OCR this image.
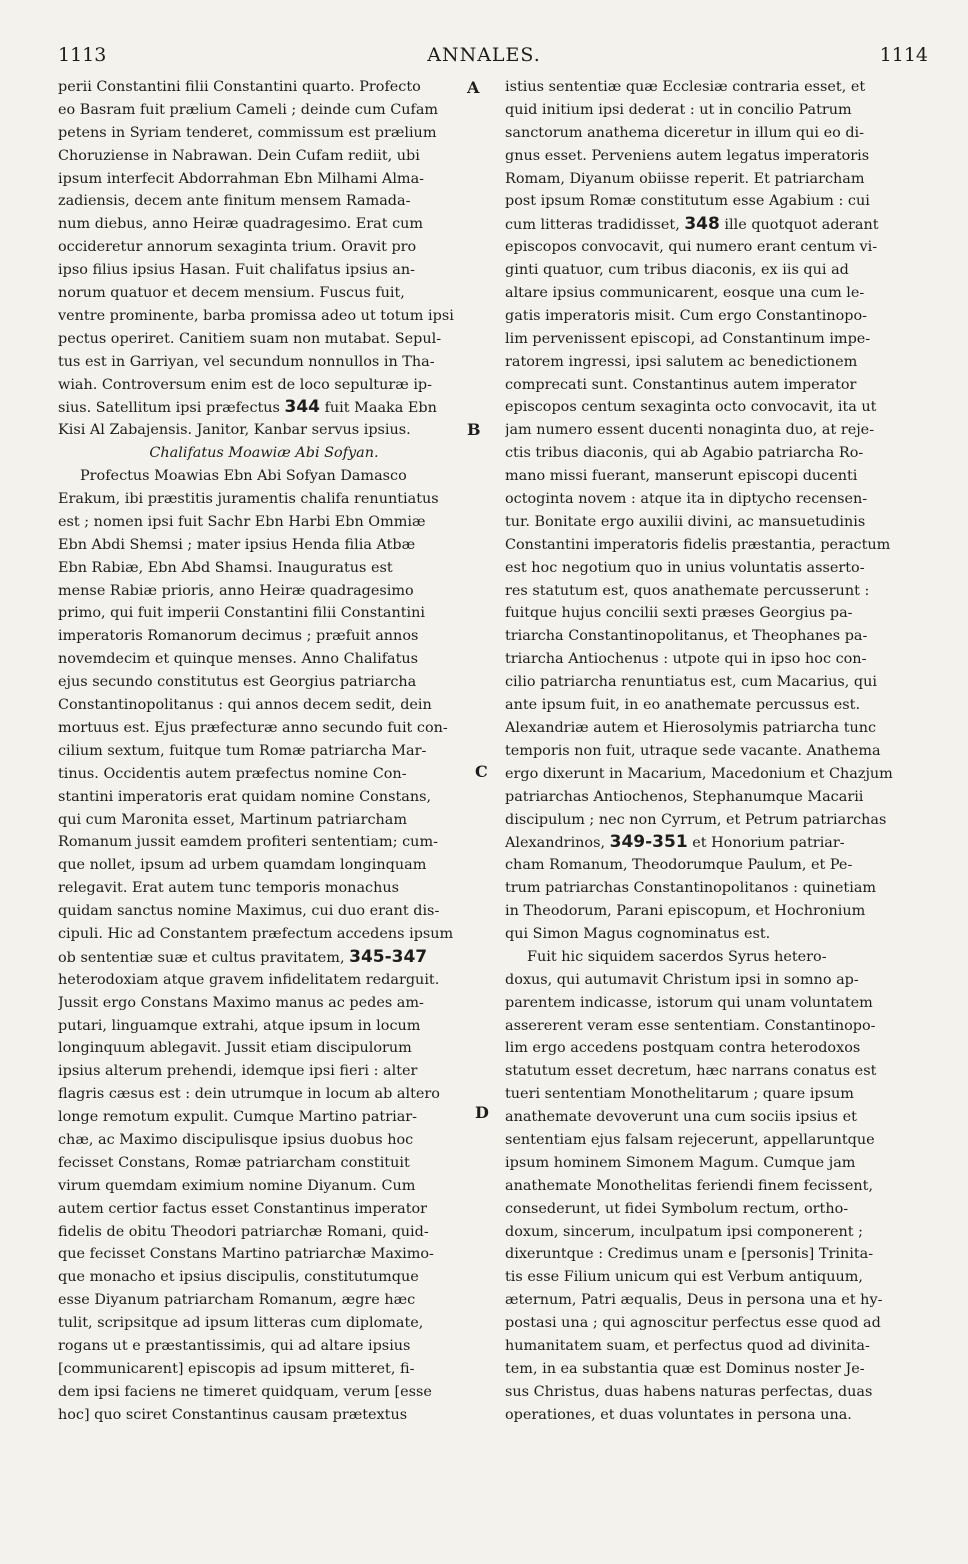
1113	ANNALES.	1114
perii Constantini filii Constantini quarto. Profecto
eo Basram fuit prælium Cameli ; deinde cum Cufam
petens in Syriam tenderet, commissum est prælium
Choruziense in Nabrawan. Dein Cufam rediit, ubi
ipsum interfecit Abdorrahman Ebn Milhami Alma-
zadiensis, decem ante finitum mensem Ramada-
num diebus, anno Heiræ quadragesimo. Erat cum
occideretur annorum sexaginta trium. Oravit pro
ipso filius ipsius Hasan. Fuit chalifatus ipsius an-
norum quatuor et decem mensium. Fuscus fuit,
ventre prominente, barba promissa adeo ut totum ipsi
pectus operiret. Canitiem suam non mutabat. Sepul-
tus est in Garriyan, vel secundum nonnullos in Tha-
wiah. Controversum enim est de loco sepulturæ ip-
sius. Satellitum ipsi præfectus 344 fuit Maaka Ebn
Kisi Al Zabajensis. Janitor, Kanbar servus ipsius.
Chalifatus Moawiæ Abi Sofyan.
Profectus Moawias Ebn Abi Sofyan Damasco
Erakum, ibi præstitis juramentis chalifa renuntiatus
est ; nomen ipsi fuit Sachr Ebn Harbi Ebn Ommiæ
Ebn Abdi Shemsi ; mater ipsius Henda filia Atbæ
Ebn Rabiæ, Ebn Abd Shamsi. Inauguratus est
mense Rabiæ prioris, anno Heiræ quadragesimo
primo, qui fuit imperii Constantini filii Constantini
imperatoris Romanorum decimus ; præfuit annos
novemdecim et quinque menses. Anno Chalifatus
ejus secundo constitutus est Georgius patriarcha
Constantinopolitanus : qui annos decem sedit, dein
mortuus est. Ejus præfecturæ anno secundo fuit con-
cilium sextum, fuitque tum Romæ patriarcha Mar-
tinus. Occidentis autem præfectus nomine Con-
stantini imperatoris erat quidam nomine Constans,
qui cum Maronita esset, Martinum patriarcham
Romanum jussit eamdem profiteri sententiam; cum-
que nollet, ipsum ad urbem quamdam longinquam
relegavit. Erat autem tunc temporis monachus
quidam sanctus nomine Maximus, cui duo erant dis-
cipuli. Hic ad Constantem præfectum accedens ipsum
ob sententiæ suæ et cultus pravitatem, 345-347
heterodoxiam atque gravem infidelitatem redarguit.
Jussit ergo Constans Maximo manus ac pedes am-
putari, linguamque extrahi, atque ipsum in locum
longinquum ablegavit. Jussit etiam discipulorum
ipsius alterum prehendi, idemque ipsi fieri : alter
flagris cæsus est : dein utrumque in locum ab altero
longe remotum expulit. Cumque Martino patriar-
chæ, ac Maximo discipulisque ipsius duobus hoc
fecisset Constans, Romæ patriarcham constituit
virum quemdam eximium nomine Diyanum. Cum
autem certior factus esset Constantinus imperator
fidelis de obitu Theodori patriarchæ Romani, quid-
que fecisset Constans Martino patriarchæ Maximo-
que monacho et ipsius discipulis, constitutumque
esse Diyanum patriarcham Romanum, ægre hæc
tulit, scripsitque ad ipsum litteras cum diplomate,
rogans ut e præstantissimis, qui ad altare ipsius
[communicarent] episcopis ad ipsum mitteret, fi-
dem ipsi faciens ne timeret quidquam, verum [esse
hoc] quo sciret Constantinus causam prætextus
istius sententiæ quæ Ecclesiæ contraria esset, et
quid initium ipsi dederat : ut in concilio Patrum
sanctorum anathema diceretur in illum qui eo di-
gnus esset. Perveniens autem legatus imperatoris
Romam, Diyanum obiisse reperit. Et patriarcham
post ipsum Romæ constitutum esse Agabium : cui
cum litteras tradidisset, 348 ille quotquot aderant
episcopos convocavit, qui numero erant centum vi-
ginti quatuor, cum tribus diaconis, ex iis qui ad
altare ipsius communicarent, eosque una cum le-
gatis imperatoris misit. Cum ergo Constantinopo-
lim pervenissent episcopi, ad Constantinum impe-
ratorem ingressi, ipsi salutem ac benedictionem
comprecati sunt. Constantinus autem imperator
episcopos centum sexaginta octo convocavit, ita ut
jam numero essent ducenti nonaginta duo, at reje-
ctis tribus diaconis, qui ab Agabio patriarcha Ro-
mano missi fuerant, manserunt episcopi ducenti
octoginta novem : atque ita in diptycho recensen-
tur. Bonitate ergo auxilii divini, ac mansuetudinis
Constantini imperatoris fidelis præstantia, peractum
est hoc negotium quo in unius voluntatis asserto-
res statutum est, quos anathemate percusserunt :
fuitque hujus concilii sexti præses Georgius pa-
triarcha Constantinopolitanus, et Theophanes pa-
triarcha Antiochenus : utpote qui in ipso hoc con-
cilio patriarcha renuntiatus est, cum Macarius, qui
ante ipsum fuit, in eo anathemate percussus est.
Alexandriæ autem et Hierosolymis patriarcha tunc
temporis non fuit, utraque sede vacante. Anathema
ergo dixerunt in Macarium, Macedonium et Chazjum
patriarchas Antiochenos, Stephanumque Macarii
discipulum ; nec non Cyrrum, et Petrum patriarchas
Alexandrinos, 349-351 et Honorium patriar-
cham Romanum, Theodorumque Paulum, et Pe-
trum patriarchas Constantinopolitanos : quinetiam
in Theodorum, Parani episcopum, et Hochronium
qui Simon Magus cognominatus est.
Fuit hic siquidem sacerdos Syrus hetero-
doxus, qui autumavit Christum ipsi in somno ap-
parentem indicasse, istorum qui unam voluntatem
assererent veram esse sententiam. Constantinopo-
lim ergo accedens postquam contra heterodoxos
statutum esset decretum, hæc narrans conatus est
tueri sententiam Monothelitarum ; quare ipsum
anathemate devoverunt una cum sociis ipsius et
sententiam ejus falsam rejecerunt, appellaruntque
ipsum hominem Simonem Magum. Cumque jam
anathemate Monothelitas feriendi finem fecissent,
consederunt, ut fidei Symbolum rectum, ortho-
doxum, sincerum, inculpatum ipsi componerent ;
dixeruntque : Credimus unam e [personis] Trinita-
tis esse Filium unicum qui est Verbum antiquum,
æternum, Patri æqualis, Deus in persona una et hy-
postasi una ; qui agnoscitur perfectus esse quod ad
humanitatem suam, et perfectus quod ad divinita-
tem, in ea substantia quæ est Dominus noster Je-
sus Christus, duas habens naturas perfectas, duas
operationes, et duas voluntates in persona una.
A
B
C
D
